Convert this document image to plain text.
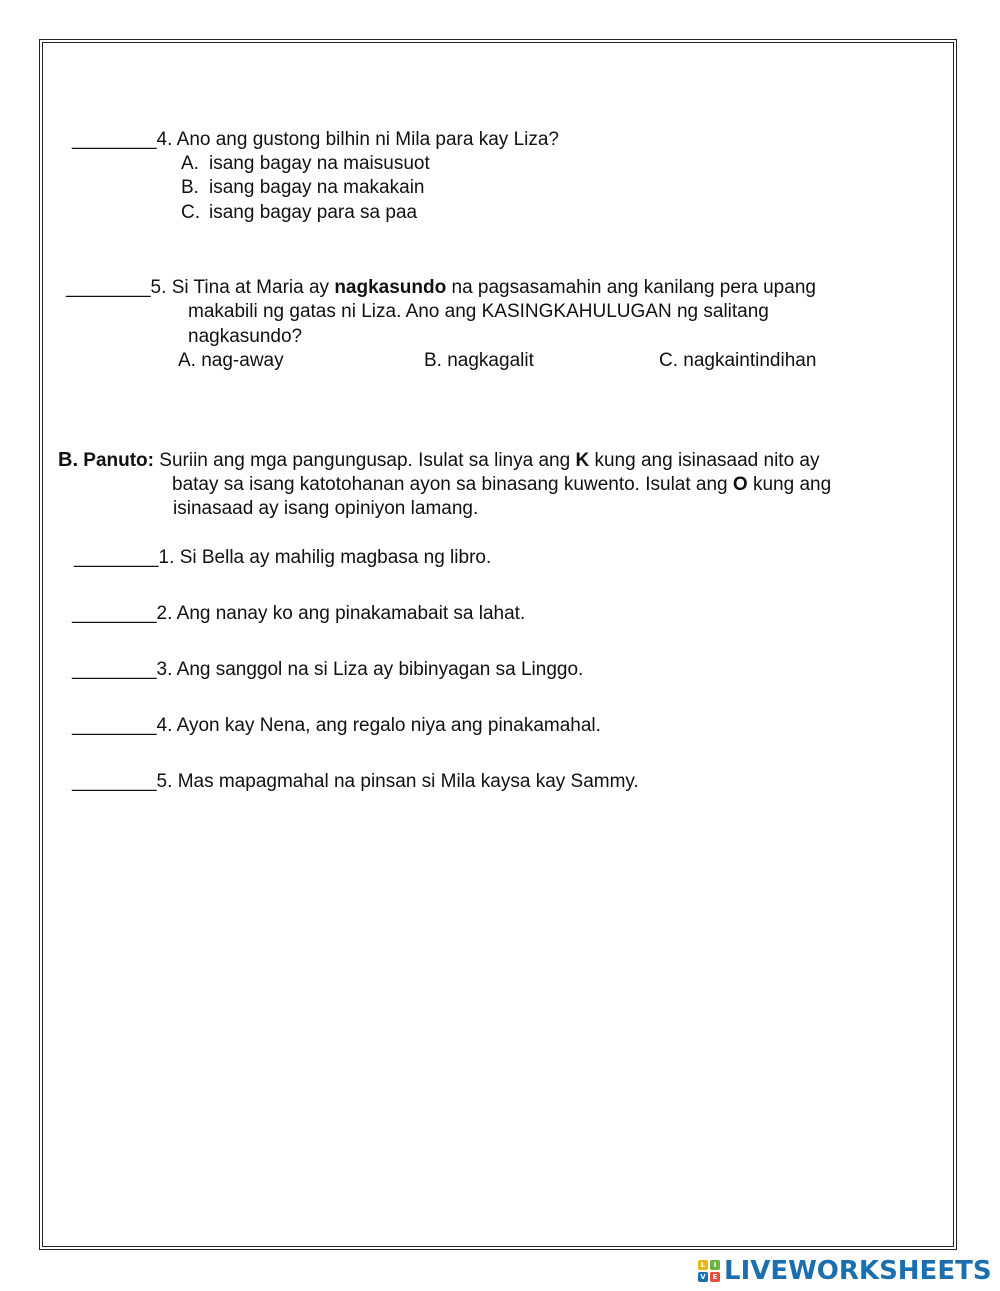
________4. Ano ang gustong bilhin ni Mila para kay Liza?
A. isang bagay na maisusuot
B. isang bagay na makakain
C. isang bagay para sa paa
________5. Si Tina at Maria ay nagkasundo na pagsasamahin ang kanilang pera upang
makabili ng gatas ni Liza. Ano ang KASINGKAHULUGAN ng salitang
nagkasundo?
A. nag-away	B. nagkagalit	C. nagkaintindihan
B. Panuto: Suriin ang mga pangungusap. Isulat sa linya ang K kung ang isinasaad nito ay
batay sa isang katotohanan ayon sa binasang kuwento. Isulat ang O kung ang
isinasaad ay isang opiniyon lamang.
________1. Si Bella ay mahilig magbasa ng libro.
________2. Ang nanay ko ang pinakamabait sa lahat.
________3. Ang sanggol na si Liza ay bibinyagan sa Linggo.
________4. Ayon kay Nena, ang regalo niya ang pinakamahal.
________5. Mas mapagmahal na pinsan si Mila kaysa kay Sammy.
L	I
V E LIVEWORKSHEETS
